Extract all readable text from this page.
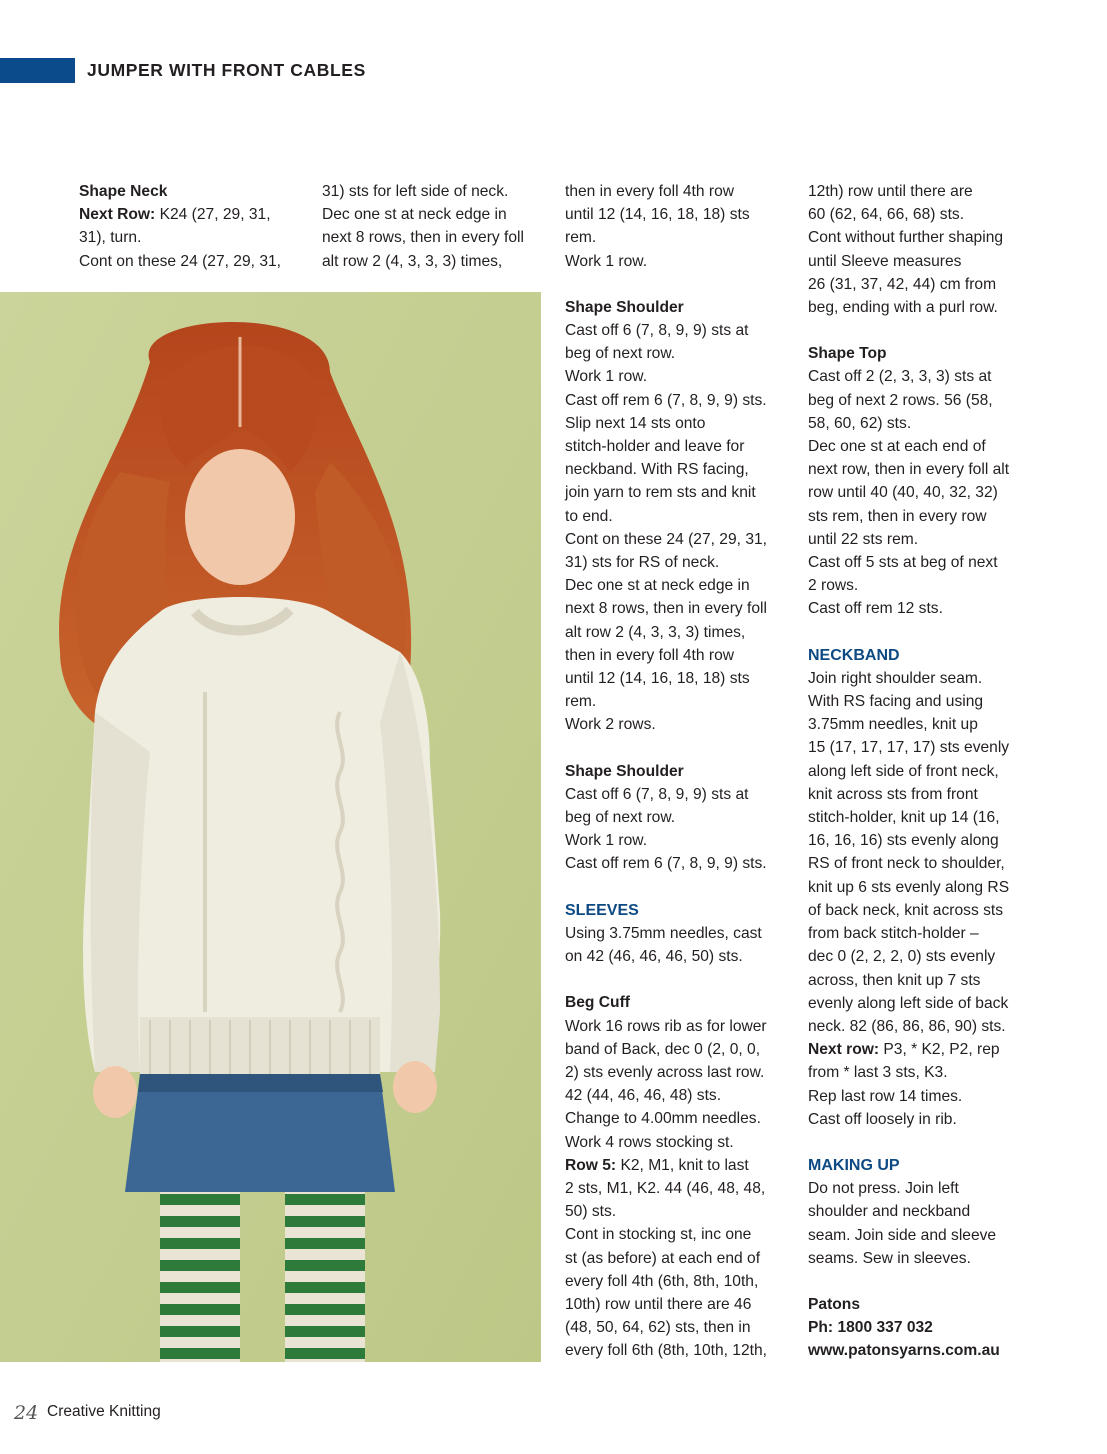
JUMPER WITH FRONT CABLES

Shape Neck

Next Row: K24 (27, 29, 31,

31), turn.

Cont on these 24 (27, 29, 31,

31) sts for left side of neck.

Dec one st at neck edge in

next 8 rows, then in every foll

alt row 2 (4, 3, 3, 3) times,

then in every foll 4th row

until 12 (14, 16, 18, 18) sts

rem.

Work 1 row.

Shape Shoulder

Cast off 6 (7, 8, 9, 9) sts at

beg of next row.

Work 1 row.

Cast off rem 6 (7, 8, 9, 9) sts.

Slip next 14 sts onto

stitch-holder and leave for

neckband. With RS facing,

join yarn to rem sts and knit

to end.

Cont on these 24 (27, 29, 31,

31) sts for RS of neck.

Dec one st at neck edge in

next 8 rows, then in every foll

alt row 2 (4, 3, 3, 3) times,

then in every foll 4th row

until 12 (14, 16, 18, 18) sts

rem.

Work 2 rows.

Shape Shoulder

Cast off 6 (7, 8, 9, 9) sts at

beg of next row.

Work 1 row.

Cast off rem 6 (7, 8, 9, 9) sts.

SLEEVES

Using 3.75mm needles, cast

on 42 (46, 46, 46, 50) sts.

Beg Cuff

Work 16 rows rib as for lower

band of Back, dec 0 (2, 0, 0,

2) sts evenly across last row.

42 (44, 46, 46, 48) sts.

Change to 4.00mm needles.

Work 4 rows stocking st.

Row 5: K2, M1, knit to last

2 sts, M1, K2. 44 (46, 48, 48,

50) sts.

Cont in stocking st, inc one

st (as before) at each end of

every foll 4th (6th, 8th, 10th,

10th) row until there are 46

(48, 50, 64, 62) sts, then in

every foll 6th (8th, 10th, 12th,

12th) row until there are

60 (62, 64, 66, 68) sts.

Cont without further shaping

until Sleeve measures

26 (31, 37, 42, 44) cm from

beg, ending with a purl row.

Shape Top

Cast off 2 (2, 3, 3, 3) sts at

beg of next 2 rows. 56 (58,

58, 60, 62) sts.

Dec one st at each end of

next row, then in every foll alt

row until 40 (40, 40, 32, 32)

sts rem, then in every row

until 22 sts rem.

Cast off 5 sts at beg of next

2 rows.

Cast off rem 12 sts.

NECKBAND

Join right shoulder seam.

With RS facing and using

3.75mm needles, knit up

15 (17, 17, 17, 17) sts evenly

along left side of front neck,

knit across sts from front

stitch-holder, knit up 14 (16,

16, 16, 16) sts evenly along

RS of front neck to shoulder,

knit up 6 sts evenly along RS

of back neck, knit across sts

from back stitch-holder –

dec 0 (2, 2, 2, 0) sts evenly

across, then knit up 7 sts

evenly along left side of back

neck. 82 (86, 86, 86, 90) sts.

Next row: P3, * K2, P2, rep

from * last 3 sts, K3.

Rep last row 14 times.

Cast off loosely in rib.

MAKING UP

Do not press. Join left

shoulder and neckband

seam. Join side and sleeve

seams. Sew in sleeves.

Patons

Ph: 1800 337 032

www.patonsyarns.com.au

24 Creative Knitting
